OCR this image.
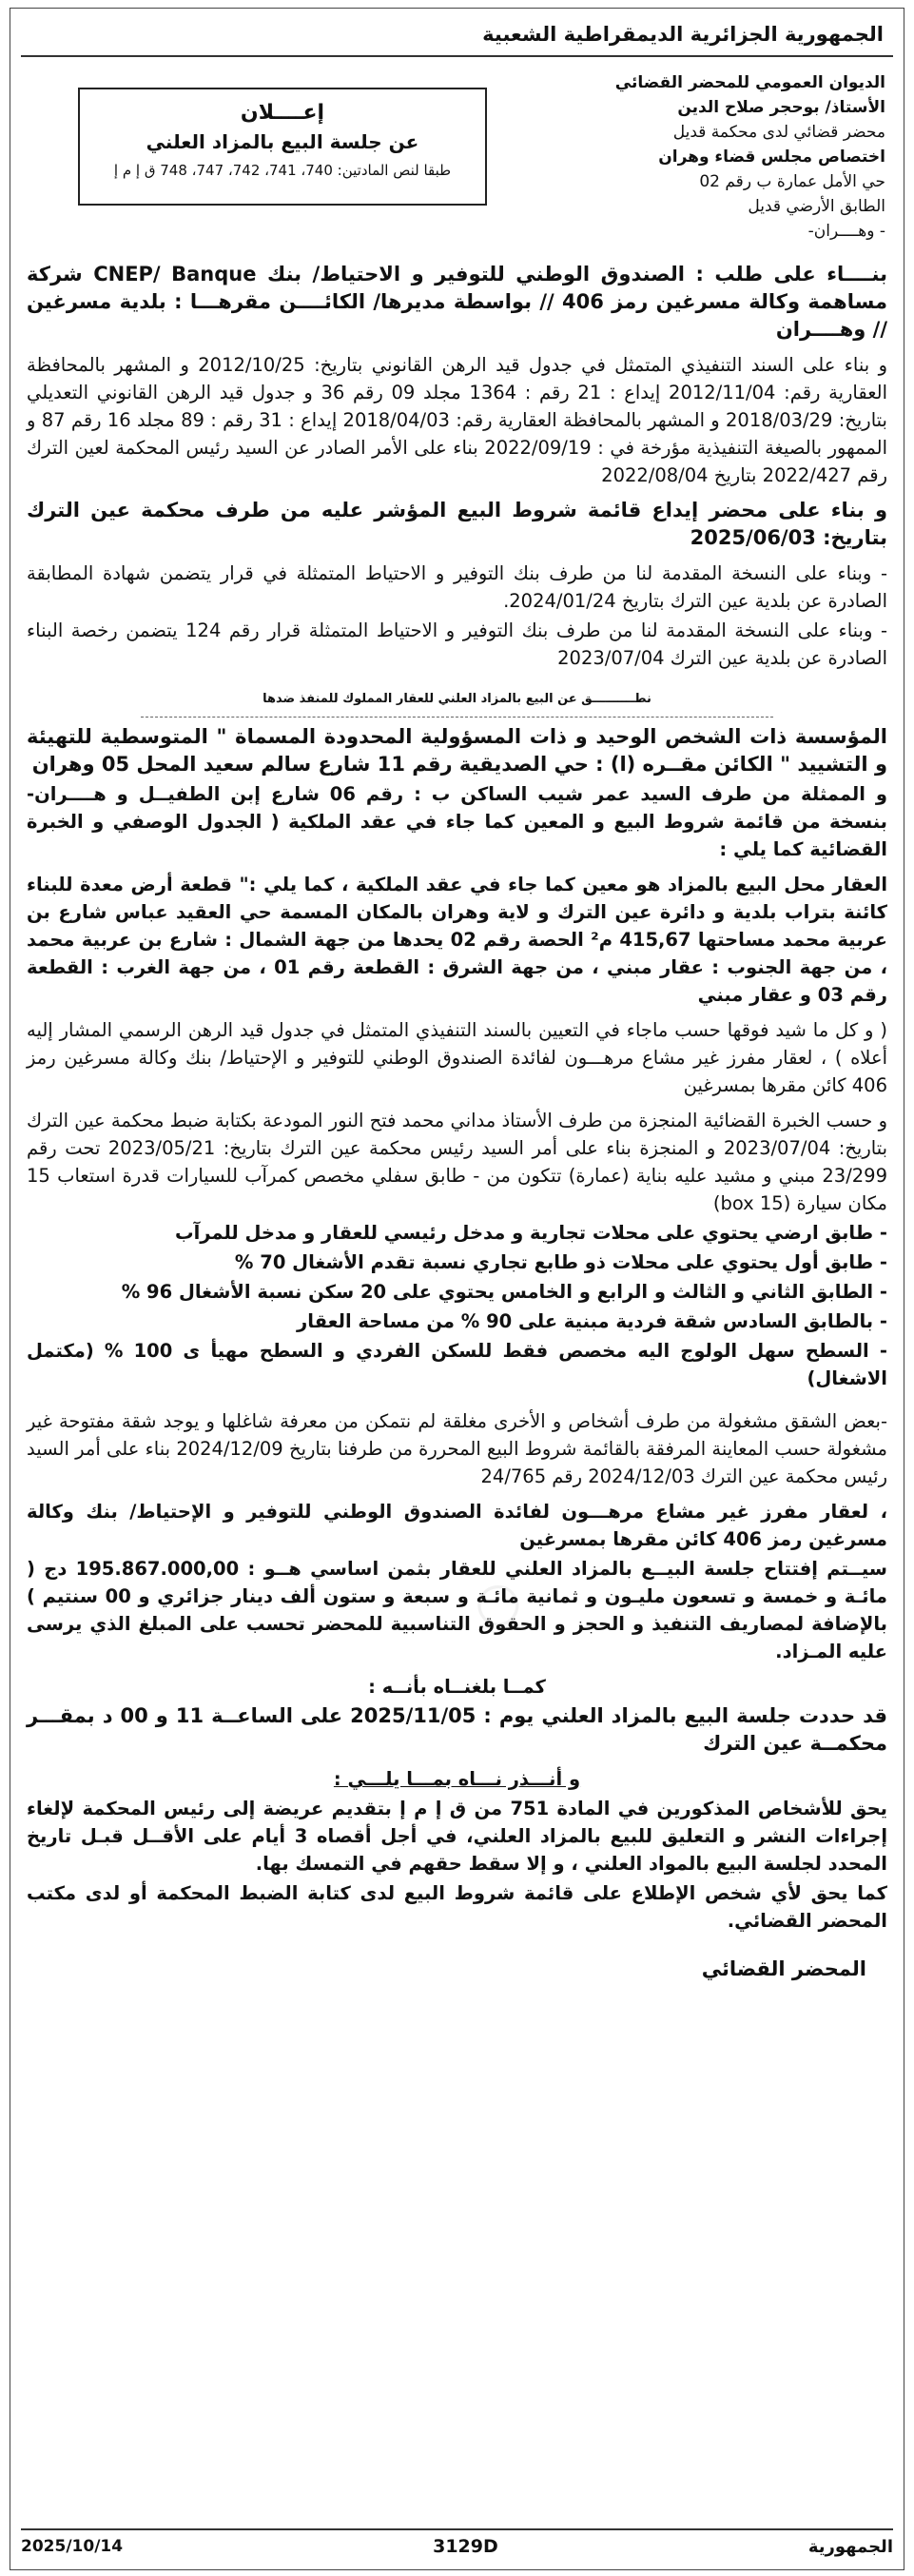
الجمهورية الجزائرية الديمقراطية الشعبية

الديوان العمومي للمحضر القضائي

الأستاذ/ بوحجر صلاح الدين

محضر قضائي لدى محكمة قديل

اختصاص مجلس قضاء وهران

حي الأمل عمارة ب رقم 02

الطابق الأرضي قديل

- وهــــران-

إعــــلان

عن جلسة البيع بالمزاد العلني

طبقا لنص المادتين: 740، 741، 742، 747، 748 ق إ م إ

بنــــاء على طلب : الصندوق الوطني للتوفير و الاحتياط/ بنك CNEP/ Banque شركة مساهمة وكالة مسرغين رمز 406 // بواسطة مديرها/ الكائــــن مقرهـــا : بلدية مسرغين // وهــــران

و بناء على السند التنفيذي المتمثل في جدول قيد الرهن القانوني بتاريخ: 2012/10/25 و المشهر بالمحافظة العقارية رقم: 2012/11/04 إيداع : 21 رقم : 1364 مجلد 09 رقم 36 و جدول قيد الرهن القانوني التعديلي بتاريخ: 2018/03/29 و المشهر بالمحافظة العقارية رقم: 2018/04/03 إيداع : 31 رقم : 89 مجلد 16 رقم 87 و الممهور بالصيغة التنفيذية مؤرخة في : 2022/09/19 بناء على الأمر الصادر عن السيد رئيس المحكمة لعين الترك رقم 2022/427 بتاريخ 2022/08/04

و بناء على محضر إيداع قائمة شروط البيع المؤشر عليه من طرف محكمة عين الترك بتاريخ: 2025/06/03

- وبناء على النسخة المقدمة لنا من طرف بنك التوفير و الاحتياط المتمثلة في قرار يتضمن شهادة المطابقة الصادرة عن بلدية عين الترك بتاريخ 2024/01/24.

- وبناء على النسخة المقدمة لنا من طرف بنك التوفير و الاحتياط المتمثلة قرار رقم 124 يتضمن رخصة البناء الصادرة عن بلدية عين الترك 2023/07/04

نطــــــــــق عن البيع بالمزاد العلني للعقار المملوك للمنفذ ضدها

المؤسسة ذات الشخص الوحيد و ذات المسؤولية المحدودة المسماة " المتوسطية للتهيئة و التشييد " الكائن مقــره (ا) : حي الصديقية رقم 11 شارع سالم سعيد المحل 05 وهران

و الممثلة من طرف السيد عمر شيب الساكن ب : رقم 06 شارع إبن الطفيــل و هــــران- بنسخة من قائمة شروط البيع و المعين كما جاء في عقد الملكية ( الجدول الوصفي و الخبرة القضائية كما يلي :

العقار محل البيع بالمزاد هو معين كما جاء في عقد الملكية ، كما يلي :" قطعة أرض معدة للبناء كائنة بتراب بلدية و دائرة عين الترك و لاية وهران بالمكان المسمة حي العقيد عباس شارع بن عربية محمد مساحتها 415,67 م² الحصة رقم 02 يحدها من جهة الشمال : شارع بن عربية محمد ، من جهة الجنوب : عقار مبني ، من جهة الشرق : القطعة رقم 01 ، من جهة الغرب : القطعة رقم 03 و عقار مبني

( و كل ما شيد فوقها حسب ماجاء في التعيين بالسند التنفيذي المتمثل في جدول قيد الرهن الرسمي المشار إليه أعلاه ) ، لعقار مفرز غير مشاع مرهـــون لفائدة الصندوق الوطني للتوفير و الإحتياط/ بنك وكالة مسرغين رمز 406 كائن مقرها بمسرغين

و حسب الخبرة القضائية المنجزة من طرف الأستاذ مداني محمد فتح النور المودعة بكتابة ضبط محكمة عين الترك بتاريخ: 2023/07/04 و المنجزة بناء على أمر السيد رئيس محكمة عين الترك بتاريخ: 2023/05/21 تحت رقم 23/299 مبني و مشيد عليه بناية (عمارة) تتكون من - طابق سفلي مخصص كمرآب للسيارات قدرة استعاب 15 مكان سيارة (15 box)

- طابق ارضي يحتوي على محلات تجارية و مدخل رئيسي للعقار و مدخل للمرآب

- طابق أول يحتوي على محلات ذو طابع تجاري نسبة تقدم الأشغال 70 %

- الطابق الثاني و الثالث و الرابع و الخامس يحتوي على 20 سكن نسبة الأشغال 96 %

- بالطابق السادس شقة فردية مبنية على 90 % من مساحة العقار

- السطح سهل الولوج اليه مخصص فقط للسكن الفردي و السطح مهيأ ى 100 % (مكتمل الاشغال)

-بعض الشقق مشغولة من طرف أشخاص و الأخرى مغلقة لم نتمكن من معرفة شاغلها و يوجد شقة مفتوحة غير مشغولة حسب المعاينة المرفقة بالقائمة شروط البيع المحررة من طرفنا بتاريخ 2024/12/09 بناء على أمر السيد رئيس محكمة عين الترك 2024/12/03 رقم 24/765

، لعقار مفرز غير مشاع مرهـــون لفائدة الصندوق الوطني للتوفير و الإحتياط/ بنك وكالة مسرغين رمز 406 كائن مقرها بمسرغين

سيــتم إفتتاح جلسة البيــع بالمزاد العلني للعقار بثمن اساسي هــو : 195.867.000,00 دج ( مائـة و خمسة و تسعون مليـون و ثمانية مائـة و سبعة و ستون ألف دينار جزائري و 00 سنتيم ) بالإضافة لمصاريف التنفيذ و الحجز و الحقوق التناسبية للمحضر تحسب على المبلغ الذي يرسى عليه المـزاد.

كمــا بلغنــاه بأنــه :

قد حددت جلسة البيع بالمزاد العلني يوم : 2025/11/05 على الساعــة 11 و 00 د بمقـــر محكمــة عين الترك

و أنـــذر نـــاه بمـــا يلـــي :

يحق للأشخاص المذكورين في المادة 751 من ق إ م إ بتقديم عريضة إلى رئيس المحكمة لإلغاء إجراءات النشر و التعليق للبيع بالمزاد العلني، في أجل أقصاه 3 أيام على الأقــل قبـل تاريخ المحدد لجلسة البيع بالمواد العلني ، و إلا سقط حقهم في التمسك بها.

كما يحق لأي شخص الإطلاع على قائمة شروط البيع لدى كتابة الضبط المحكمة أو لدى مكتب المحضر القضائي.

○
المحضر القضائي
الجمهورية
3129D
2025/10/14
